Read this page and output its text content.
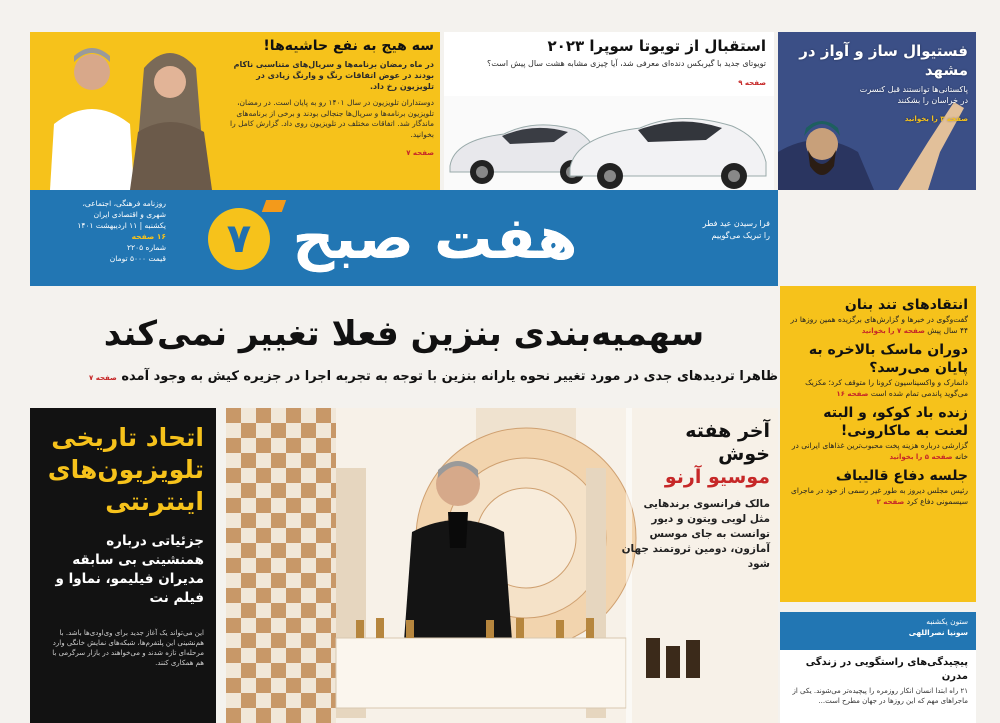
سه هیج به نفع حاشیه‌ها!

در ماه رمضان برنامه‌ها و سریال‌های متناسبی ناکام بودند در عوض اتفاقات رنگ و وارنگ زیادی در تلویزیون رخ داد.

دوستداران تلویزیون در سال ۱۴۰۱ رو به پایان است. در رمضان، تلویزیون برنامه‌ها و سریال‌ها جنجالی بودند و برخی از برنامه‌های ماندگار شد. اتفاقات مختلف در تلویزیون روی داد. گزارش کامل را بخوانید.

صفحه ۷
استقبال از تویوتا سوپرا ۲۰۲۳

تویوتای جدید با گیربکس دنده‌ای معرفی شد، آیا چیزی مشابه هشت سال پیش است؟

صفحه ۹
فستیوال ساز و آواز در مشهد

پاکستانی‌ها توانستند قبل کنسرت در خراسان را بشکنند

صفحه ۳ را بخوانید
روزنامه فرهنگی، اجتماعی،
شهری و اقتصادی ایران
یکشنبه | ۱۱ اردیبهشت ۱۴۰۱
۱۶ صفحه
شماره ۲۲۰۵
قیمت ۵۰۰۰ تومان	۷ هفت صبح	فرا رسیدن عید فطر را تبریک می‌گوییم
سهمیه‌بندی بنزین فعلا تغییر نمی‌کند
ظاهرا تردیدهای جدی در مورد تغییر نحوه یارانه بنزین با توجه به تجربه اجرا در جزیره کیش به وجود آمده صفحه ۷
انتقادهای تند بنان

گفت‌وگوی در خبرها و گزارش‌های برگزیده همین روزها در ۴۴ سال پیش صفحه ۷ را بخوانید

دوران ماسک بالاخره به پایان می‌رسد؟

دانمارک و واکسیناسیون کرونا را متوقف کرد؛ مکزیک می‌گوید پاندمی تمام شده است صفحه ۱۶

زنده باد کوکو، و البته لعنت به ماکارونی!

گزارشی درباره هزینه پخت محبوب‌ترین غذاهای ایرانی در خانه صفحه ۵ را بخوانید

جلسه دفاع قالیباف

رئیس مجلس دیروز به طور غیر رسمی از خود در ماجرای سیسمونی دفاع کرد صفحه ۲

اتحاد تاریخی تلویزیون‌های اینترنتی
جزئیاتی درباره همنشینی بی سابقه مدیران فیلیمو، نماوا و فیلم نت

این می‌تواند یک آغاز جدید برای وی‌او‌دی‌ها باشد. با هم‌نشینی این پلتفرم‌ها، شبکه‌های نمایش خانگی وارد مرحله‌ای تازه شدند و می‌خواهند در بازار سرگرمی با هم همکاری کنند.

آخر هفته
خوش
موسیو آرنو
مالک فرانسوی برندهایی مثل لویی ویتون و دیور توانست به جای موسس آمازون، دومین ثروتمند جهان شود
ستون یکشنبه
سونیا نصراللهی
پیچیدگی‌های راستگویی در زندگی مدرن

۲۱ راه ابتدا انسان انکار روزمره را پیچیده‌تر می‌شوند. یکی از ماجراهای مهم که این روزها در جهان مطرح است...
